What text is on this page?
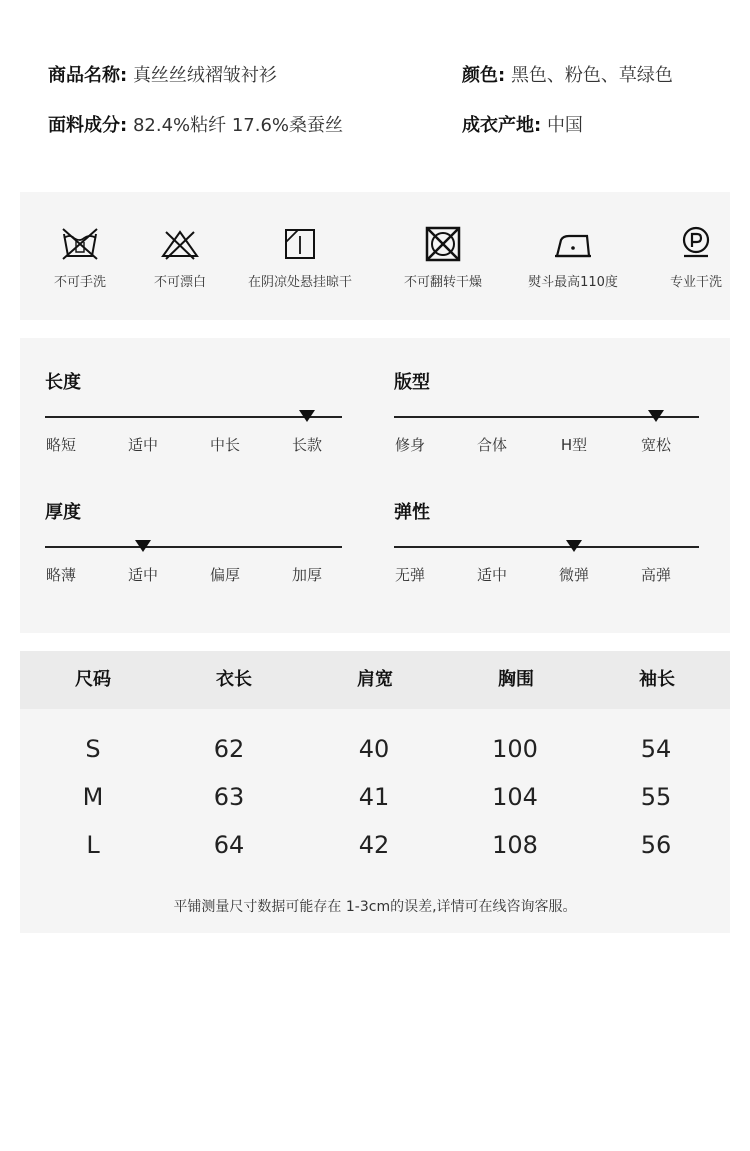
商品名称: 真丝丝绒褶皱衬衫	颜色: 黑色、粉色、草绿色
面料成分: 82.4%粘纤 17.6%桑蚕丝	成衣产地: 中国
不可手洗	不可漂白	在阴凉处悬挂晾干	不可翻转干燥	熨斗最高110度	专业干洗
长度
略短	适中	中长	长款
版型
修身	合体	H型	宽松
厚度
略薄	适中	偏厚	加厚
弹性
无弹	适中	微弹	高弹
尺码	衣长	肩宽	胸围	袖长
S	62	40	100	54
M	63	41	104	55
L	64	42	108	56
平铺测量尺寸数据可能存在 1-3cm的误差,详情可在线咨询客服。
